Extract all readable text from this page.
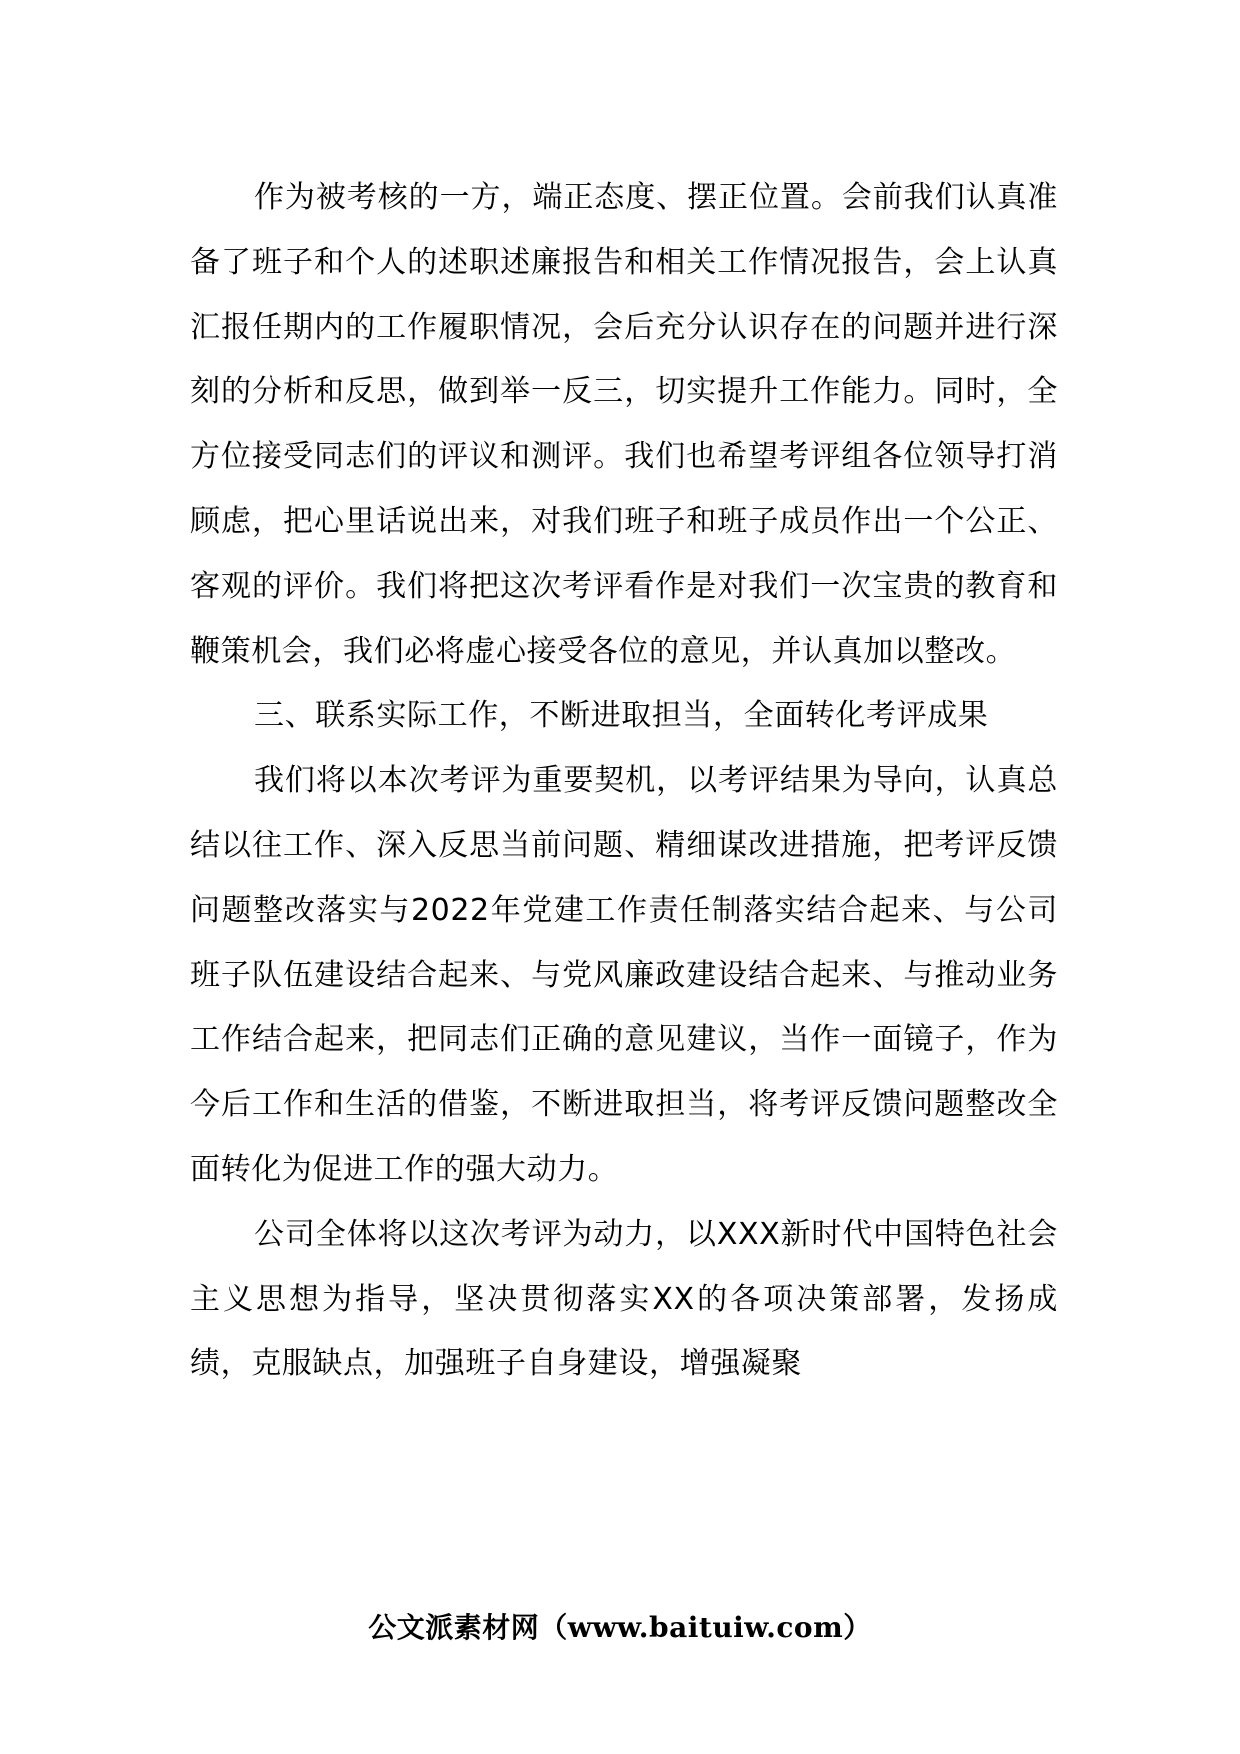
作为被考核的一方，端正态度、摆正位置。会前我们认真准备了班子和个人的述职述廉报告和相关工作情况报告，会上认真汇报任期内的工作履职情况，会后充分认识存在的问题并进行深刻的分析和反思，做到举一反三，切实提升工作能力。同时，全方位接受同志们的评议和测评。我们也希望考评组各位领导打消顾虑，把心里话说出来，对我们班子和班子成员作出一个公正、客观的评价。我们将把这次考评看作是对我们一次宝贵的教育和鞭策机会，我们必将虚心接受各位的意见，并认真加以整改。

三、联系实际工作，不断进取担当，全面转化考评成果

我们将以本次考评为重要契机，以考评结果为导向，认真总结以往工作、深入反思当前问题、精细谋改进措施，把考评反馈问题整改落实与2022年党建工作责任制落实结合起来、与公司班子队伍建设结合起来、与党风廉政建设结合起来、与推动业务工作结合起来，把同志们正确的意见建议，当作一面镜子，作为今后工作和生活的借鉴，不断进取担当，将考评反馈问题整改全面转化为促进工作的强大动力。

公司全体将以这次考评为动力，以XXX新时代中国特色社会主义思想为指导，坚决贯彻落实XX的各项决策部署，发扬成绩，克服缺点，加强班子自身建设，增强凝聚

公文派素材网（www.baituiw.com）
